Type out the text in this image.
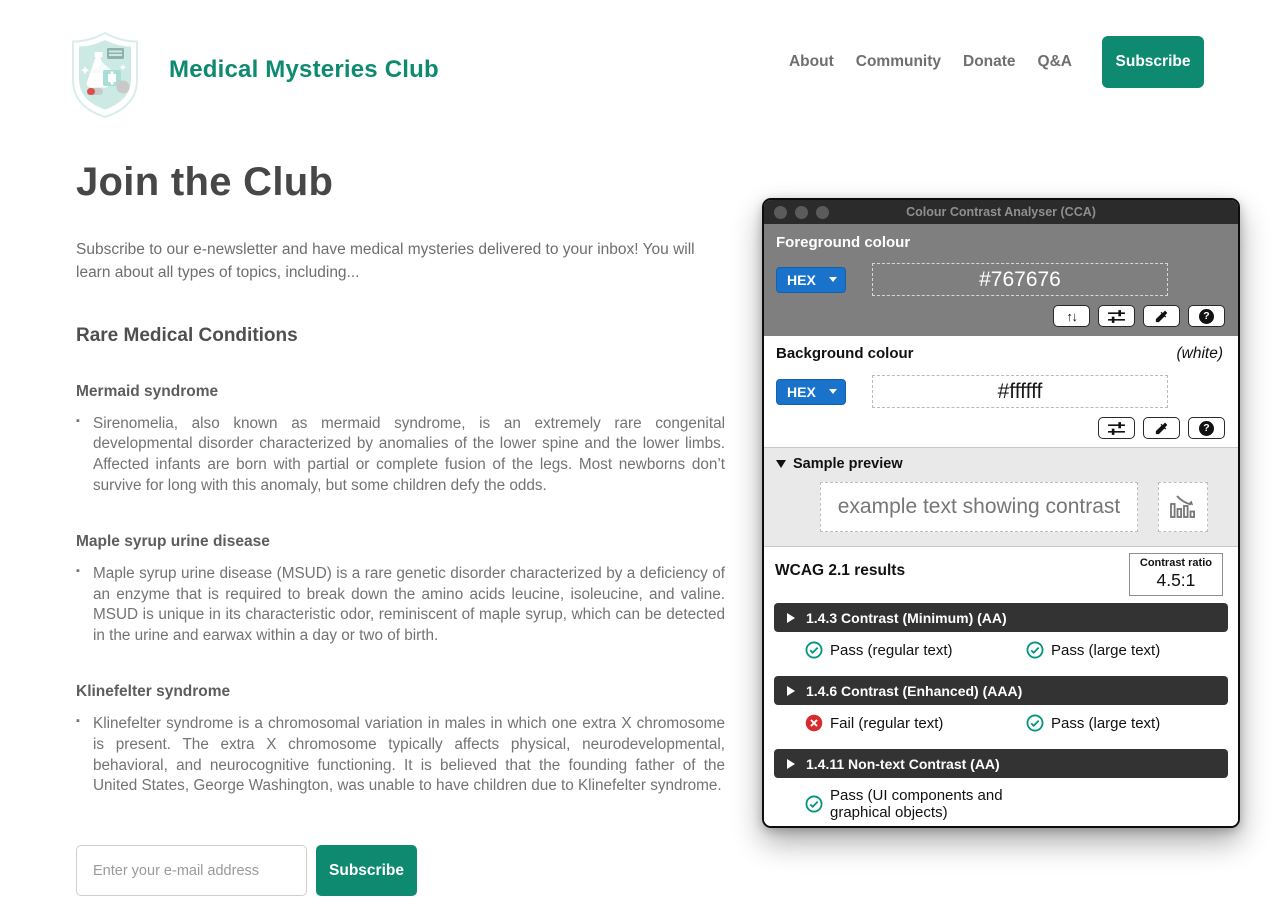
Medical Mysteries Club	About Community Donate Q&A	Subscribe
Join the Club

Subscribe to our e-newsletter and have medical mysteries delivered to your inbox! You will learn about all types of topics, including...

Rare Medical Conditions
Mermaid syndrome
▪ Sirenomelia, also known as mermaid syndrome, is an extremely rare congenital developmental disorder characterized by anomalies of the lower spine and the lower limbs. Affected infants are born with partial or complete fusion of the legs. Most newborns don’t survive for long with this anomaly, but some children defy the odds.
Maple syrup urine disease
▪ Maple syrup urine disease (MSUD) is a rare genetic disorder characterized by a deficiency of an enzyme that is required to break down the amino acids leucine, isoleucine, and valine. MSUD is unique in its characteristic odor, reminiscent of maple syrup, which can be detected in the urine and earwax within a day or two of birth.
Klinefelter syndrome
▪ Klinefelter syndrome is a chromosomal variation in males in which one extra X chromosome is present. The extra X chromosome typically affects physical, neurodevelopmental, behavioral, and neurocognitive functioning. It is believed that the founding father of the United States, George Washington, was unable to have children due to Klinefelter syndrome.
Enter your e-mail address
Subscribe
Colour Contrast Analyser (CCA)
Foreground colour
HEX
#767676
↑↓
?
Background colour	(white)
HEX
#ffffff
?
Sample preview
example text showing contrast
WCAG 2.1 results	Contrast ratio
4.5:1
1.4.3 Contrast (Minimum) (AA)
Pass (regular text)	Pass (large text)
1.4.6 Contrast (Enhanced) (AAA)
Fail (regular text)	Pass (large text)
1.4.11 Non-text Contrast (AA)
Pass (UI components and graphical objects)
